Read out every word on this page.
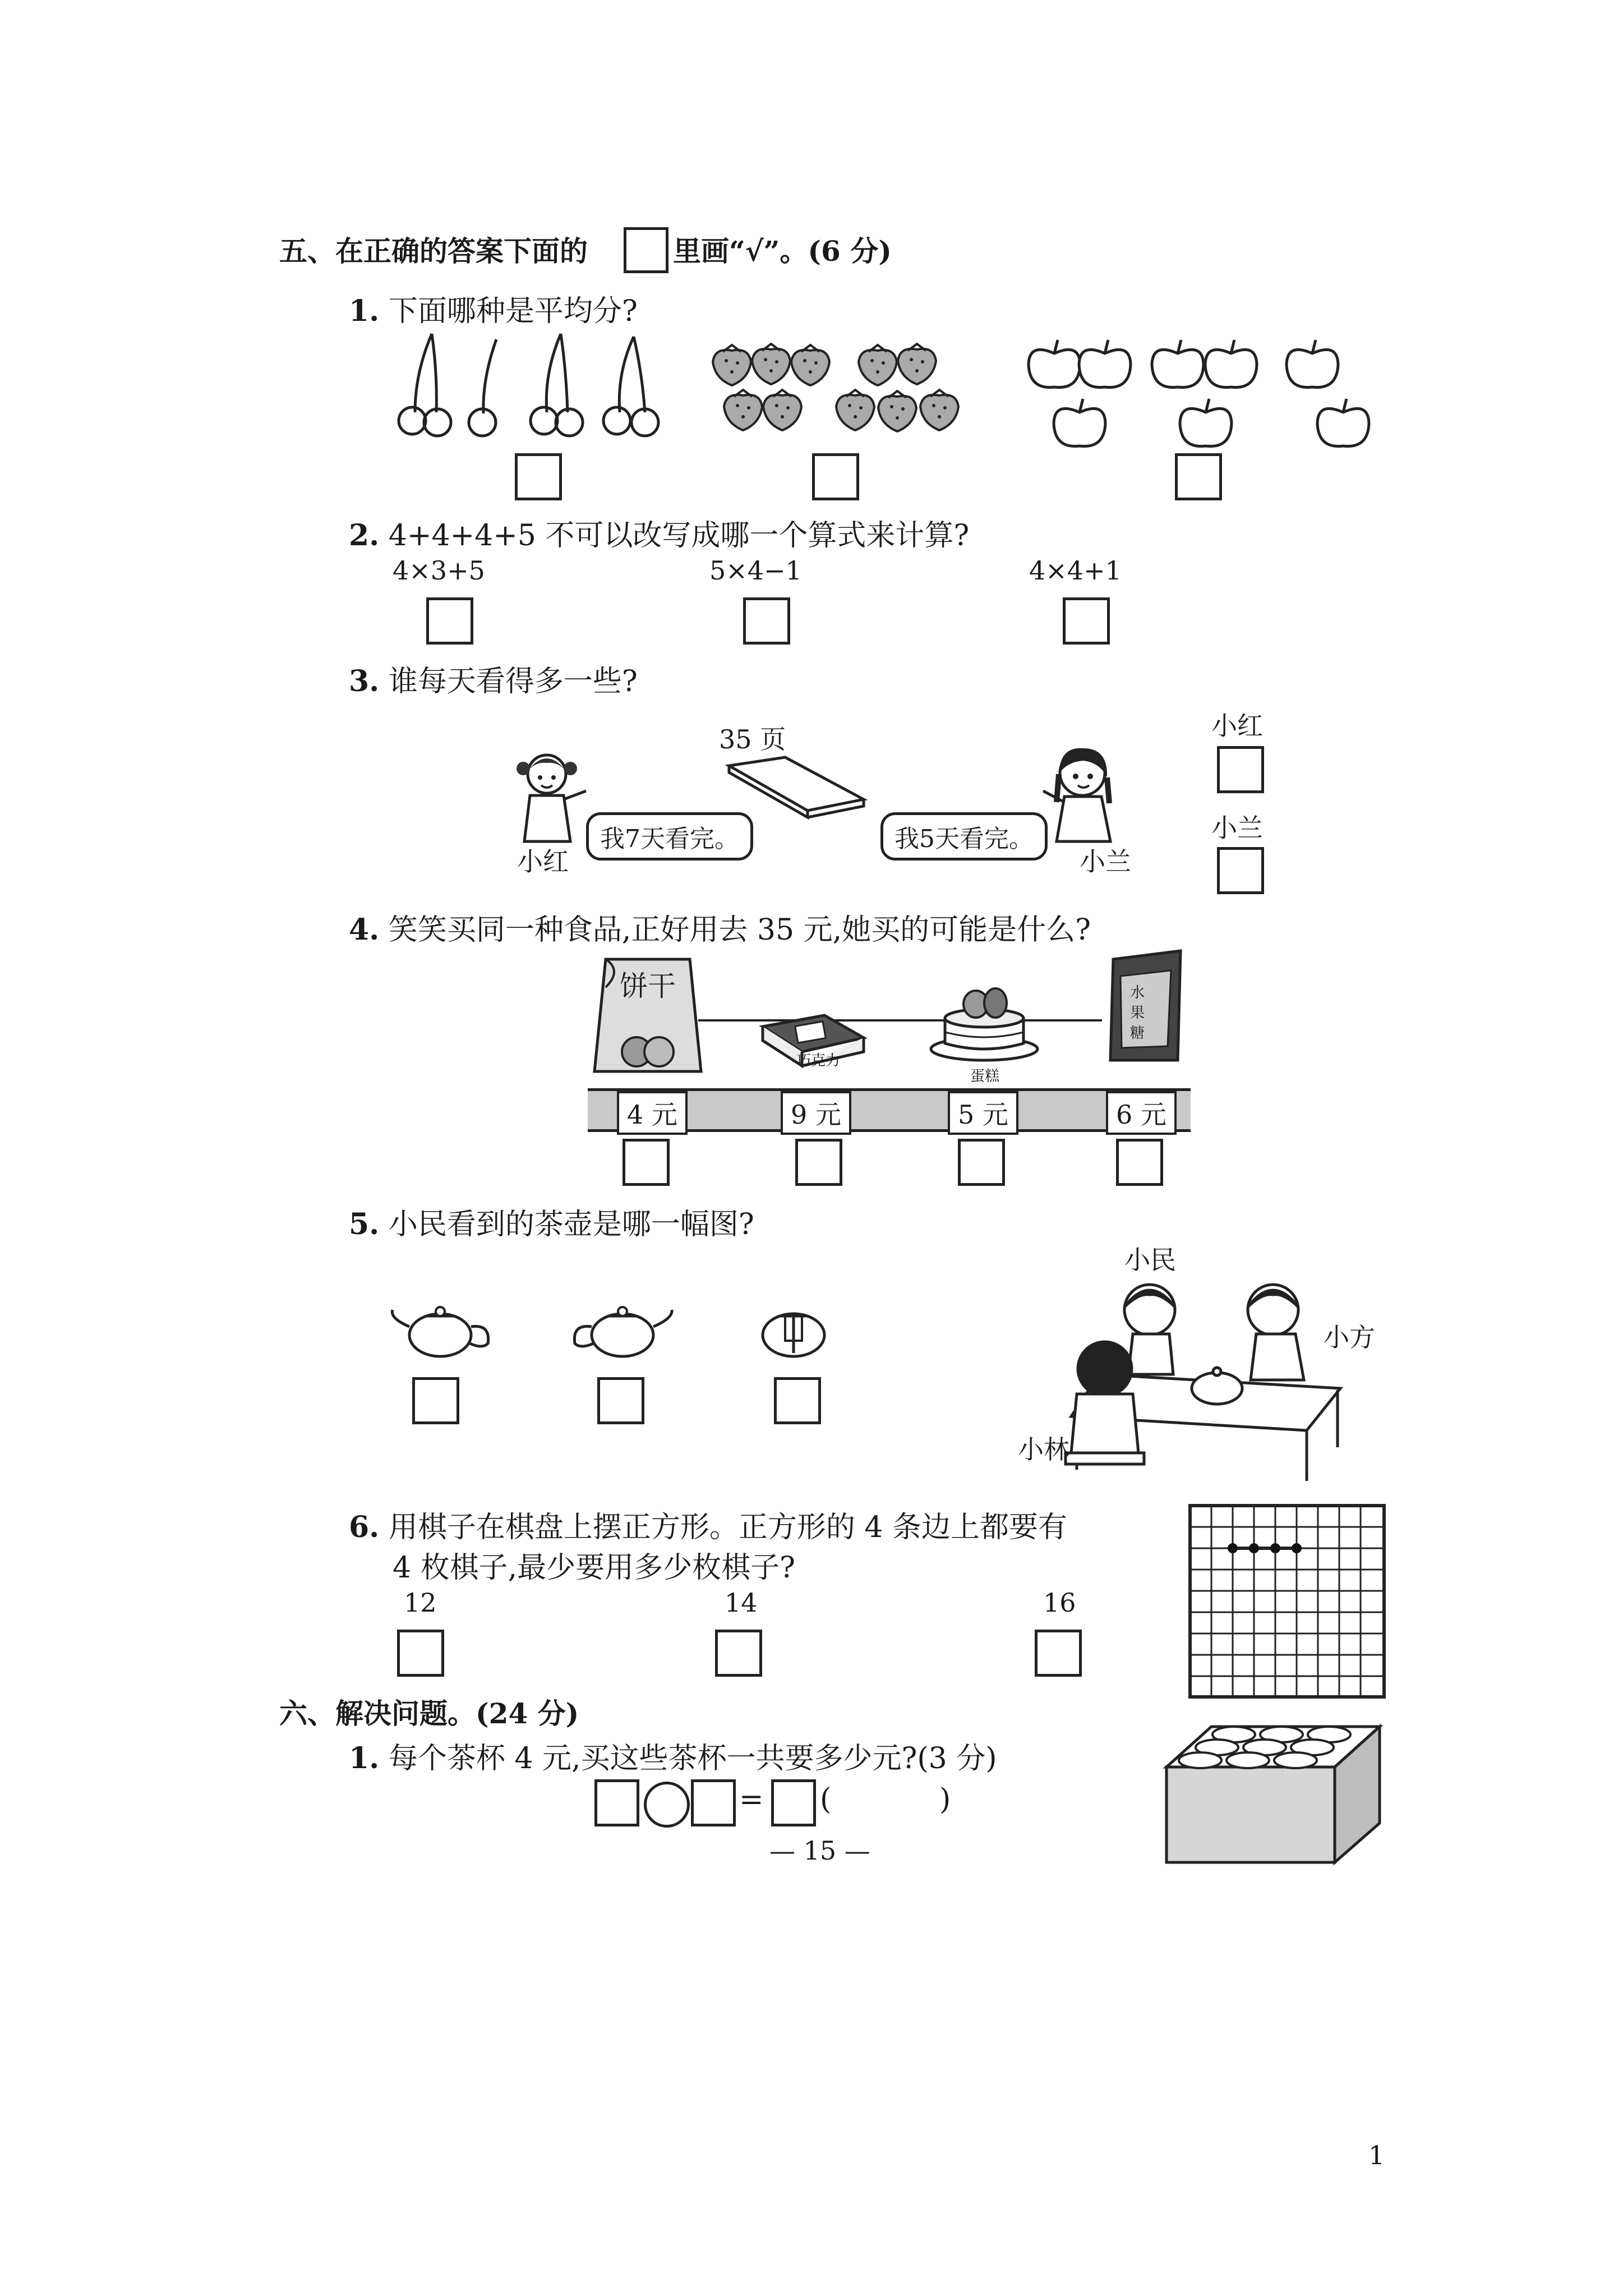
五、在正确的答案下面的	里画“√”。(6 分)
1. 下面哪种是平均分?
2. 4+4+4+5 不可以改写成哪一个算式来计算?
4×3+5	5×4−1	4×4+1
3. 谁每天看得多一些?
35 页
小红
我7天看完。
小兰
我5天看完。
小红
小兰
4. 笑笑买同一种食品,正好用去 35 元,她买的可能是什么?
饼干
巧克力
蛋糕
水果糖
4 元	9 元	5 元	6 元
5. 小民看到的茶壶是哪一幅图?
小民
小方
小林
6. 用棋子在棋盘上摆正方形。正方形的 4 条边上都要有
4 枚棋子,最少要用多少枚棋子?
12	14	16
六、解决问题。(24 分)
1. 每个茶杯 4 元,买这些茶杯一共要多少元?(3 分)
= (	)
— 15 —
1
